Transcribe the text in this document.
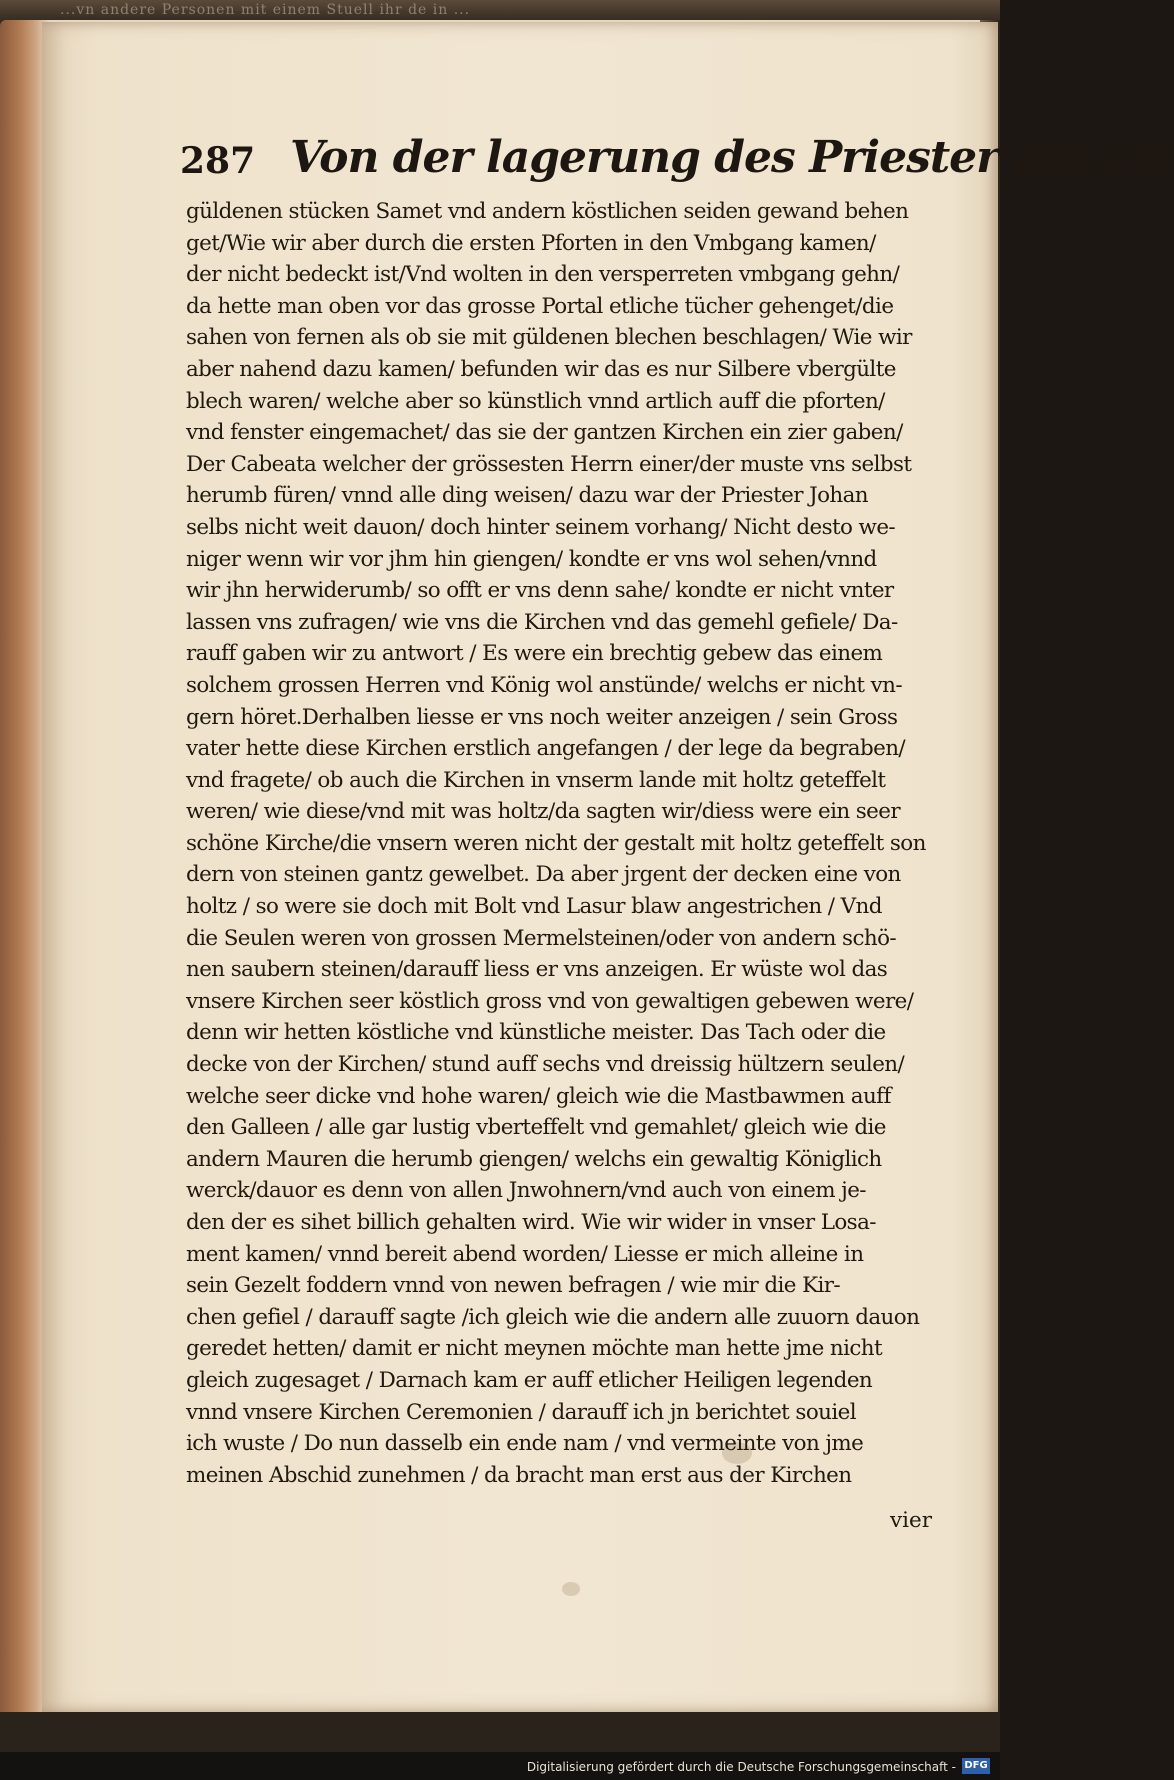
...vn andere Personen mit einem Stuell ihr de in ...
287 Von der lagerung des Priester Johans
güldenen stücken Samet vnd andern köstlichen seiden gewand behen
get/Wie wir aber durch die ersten Pforten in den Vmbgang kamen/
der nicht bedeckt ist/Vnd wolten in den versperreten vmbgang gehn/
da hette man oben vor das grosse Portal etliche tücher gehenget/die
sahen von fernen als ob sie mit güldenen blechen beschlagen/ Wie wir
aber nahend dazu kamen/ befunden wir das es nur Silbere vbergülte
blech waren/ welche aber so künstlich vnnd artlich auff die pforten/
vnd fenster eingemachet/ das sie der gantzen Kirchen ein zier gaben/
Der Cabeata welcher der grössesten Herrn einer/der muste vns selbst
herumb füren/ vnnd alle ding weisen/ dazu war der Priester Johan
selbs nicht weit dauon/ doch hinter seinem vorhang/ Nicht desto we-
niger wenn wir vor jhm hin giengen/ kondte er vns wol sehen/vnnd
wir jhn herwiderumb/ so offt er vns denn sahe/ kondte er nicht vnter
lassen vns zufragen/ wie vns die Kirchen vnd das gemehl gefiele/ Da-
rauff gaben wir zu antwort / Es were ein brechtig gebew das einem
solchem grossen Herren vnd König wol anstünde/ welchs er nicht vn-
gern höret.Derhalben liesse er vns noch weiter anzeigen / sein Gross
vater hette diese Kirchen erstlich angefangen / der lege da begraben/
vnd fragete/ ob auch die Kirchen in vnserm lande mit holtz geteffelt
weren/ wie diese/vnd mit was holtz/da sagten wir/diess were ein seer
schöne Kirche/die vnsern weren nicht der gestalt mit holtz geteffelt son
dern von steinen gantz gewelbet. Da aber jrgent der decken eine von
holtz / so were sie doch mit Bolt vnd Lasur blaw angestrichen / Vnd
die Seulen weren von grossen Mermelsteinen/oder von andern schö-
nen saubern steinen/darauff liess er vns anzeigen. Er wüste wol das
vnsere Kirchen seer köstlich gross vnd von gewaltigen gebewen were/
denn wir hetten köstliche vnd künstliche meister. Das Tach oder die
decke von der Kirchen/ stund auff sechs vnd dreissig hültzern seulen/
welche seer dicke vnd hohe waren/ gleich wie die Mastbawmen auff
den Galleen / alle gar lustig vberteffelt vnd gemahlet/ gleich wie die
andern Mauren die herumb giengen/ welchs ein gewaltig Königlich
werck/dauor es denn von allen Jnwohnern/vnd auch von einem je-
den der es sihet billich gehalten wird. Wie wir wider in vnser Losa-
ment kamen/ vnnd bereit abend worden/ Liesse er mich alleine in
sein Gezelt foddern vnnd von newen befragen / wie mir die Kir-
chen gefiel / darauff sagte /ich gleich wie die andern alle zuuorn dauon
geredet hetten/ damit er nicht meynen möchte man hette jme nicht
gleich zugesaget / Darnach kam er auff etlicher Heiligen legenden
vnnd vnsere Kirchen Ceremonien / darauff ich jn berichtet souiel
ich wuste / Do nun dasselb ein ende nam / vnd vermeinte von jme
meinen Abschid zunehmen / da bracht man erst aus der Kirchen
vier
Digitalisierung gefördert durch die Deutsche Forschungsgemeinschaft - DFG
